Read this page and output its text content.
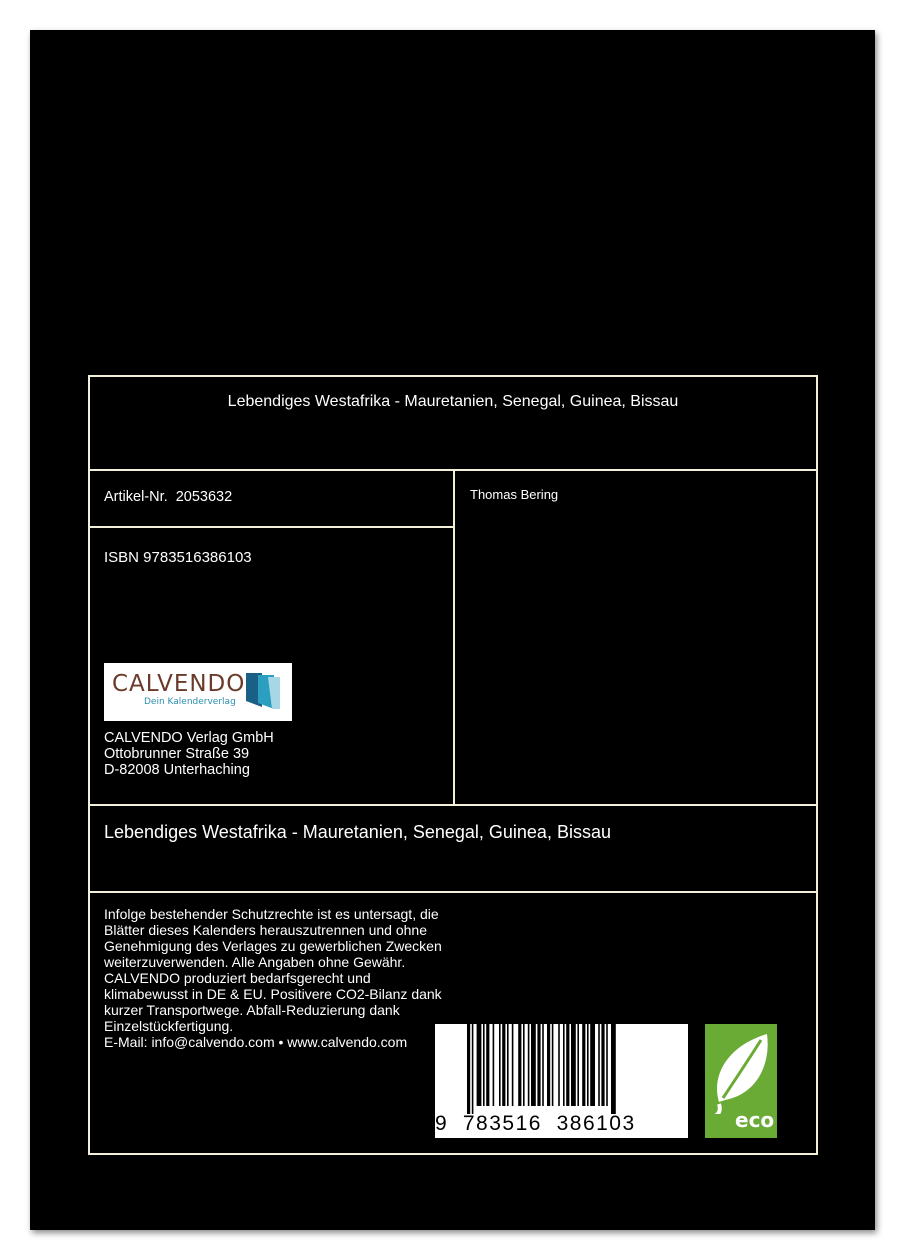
Lebendiges Westafrika - Mauretanien, Senegal, Guinea, Bissau
Artikel-Nr.  2053632	Thomas Bering
ISBN 9783516386103
CALVENDO
Dein Kalenderverlag
CALVENDO Verlag GmbH
Ottobrunner Straße 39
D-82008 Unterhaching
Lebendiges Westafrika - Mauretanien, Senegal, Guinea, Bissau
Infolge bestehender Schutzrechte ist es untersagt, die Blätter dieses Kalenders herauszutrennen und ohne Genehmigung des Verlages zu gewerblichen Zwecken weiterzuverwenden. Alle Angaben ohne Gewähr.
CALVENDO produziert bedarfsgerecht und klimabewusst in DE & EU. Positivere CO2-Bilanz dank kurzer Transportwege. Abfall-Reduzierung dank Einzelstückfertigung.
E-Mail: info@calvendo.com • www.calvendo.com
9  783516  386103	eco
